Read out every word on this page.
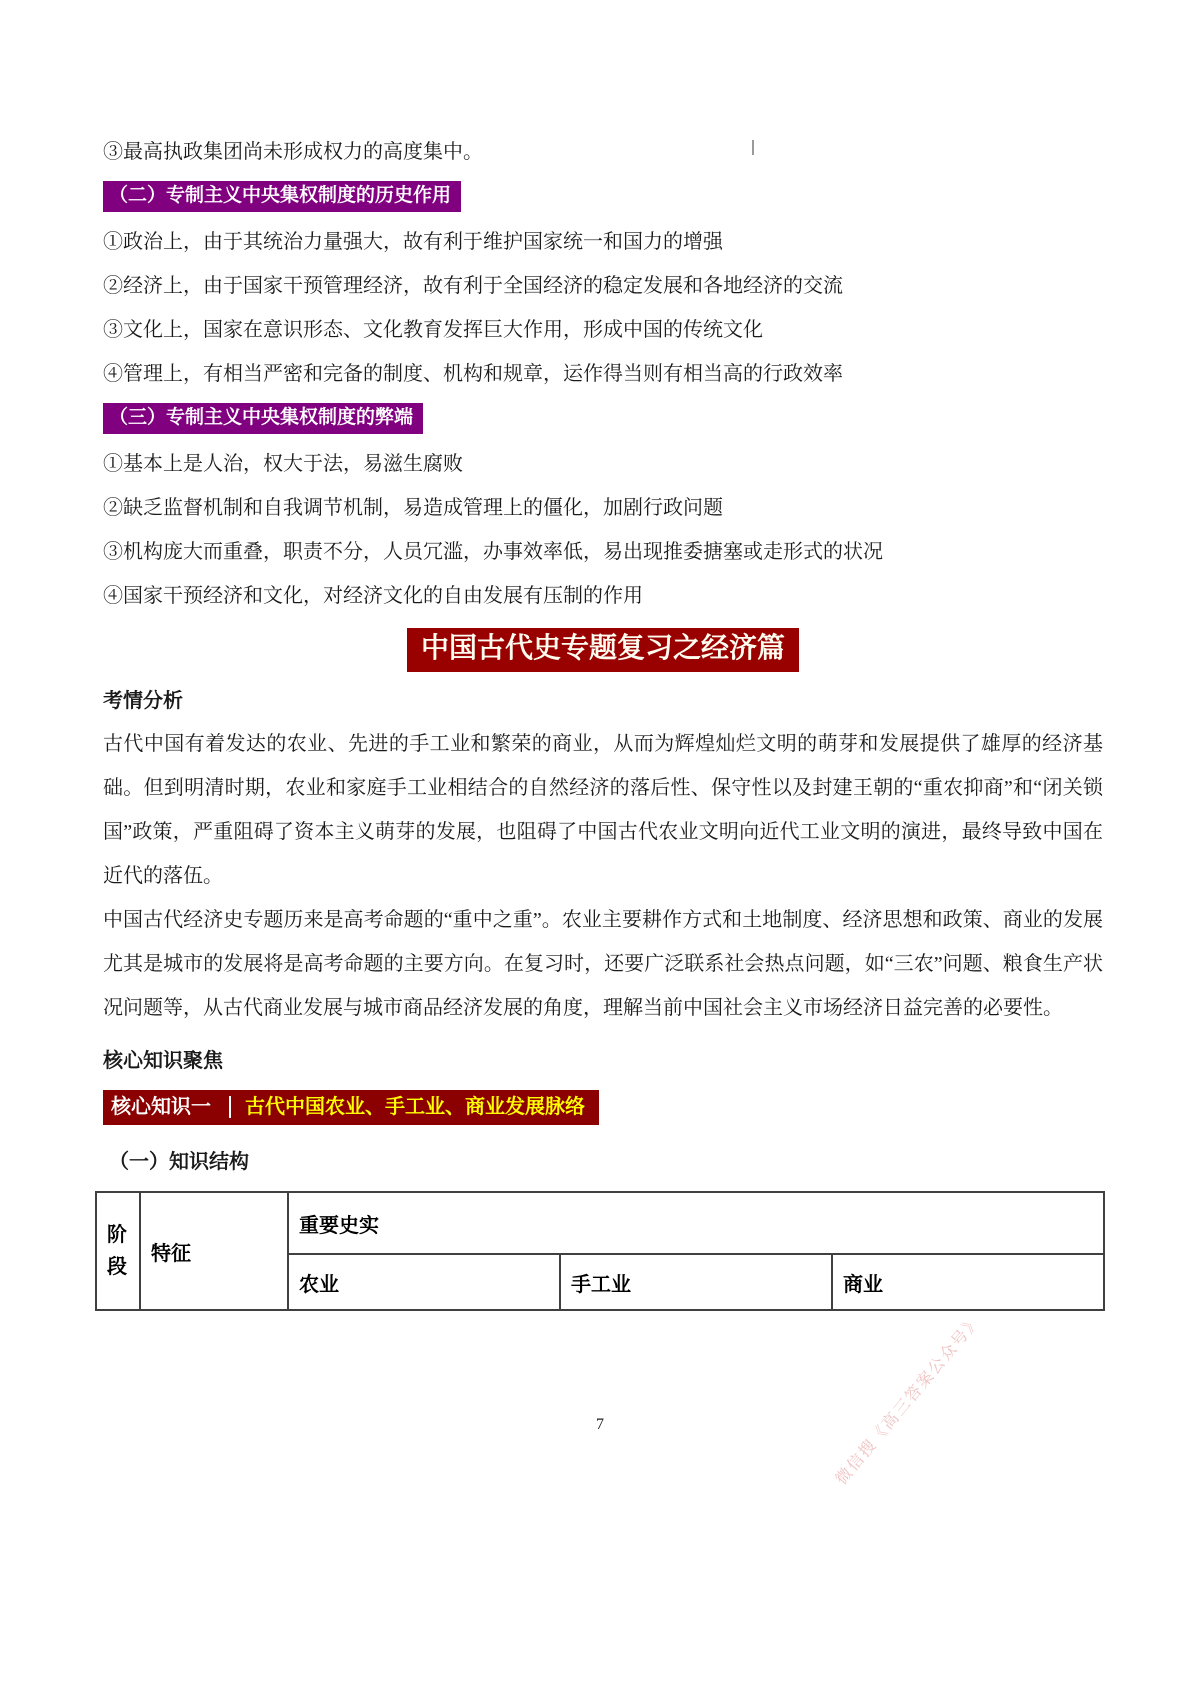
③最高执政集团尚未形成权力的高度集中。

（二）专制主义中央集权制度的历史作用

①政治上，由于其统治力量强大，故有利于维护国家统一和国力的增强

②经济上，由于国家干预管理经济，故有利于全国经济的稳定发展和各地经济的交流

③文化上，国家在意识形态、文化教育发挥巨大作用，形成中国的传统文化

④管理上，有相当严密和完备的制度、机构和规章，运作得当则有相当高的行政效率

（三）专制主义中央集权制度的弊端

①基本上是人治，权大于法，易滋生腐败

②缺乏监督机制和自我调节机制，易造成管理上的僵化，加剧行政问题

③机构庞大而重叠，职责不分，人员冗滥，办事效率低，易出现推委搪塞或走形式的状况

④国家干预经济和文化，对经济文化的自由发展有压制的作用

中国古代史专题复习之经济篇
考情分析

古代中国有着发达的农业、先进的手工业和繁荣的商业，从而为辉煌灿烂文明的萌芽和发展提供了雄厚的经济基础。但到明清时期，农业和家庭手工业相结合的自然经济的落后性、保守性以及封建王朝的“重农抑商”和“闭关锁国”政策，严重阻碍了资本主义萌芽的发展，也阻碍了中国古代农业文明向近代工业文明的演进，最终导致中国在近代的落伍。

中国古代经济史专题历来是高考命题的“重中之重”。农业主要耕作方式和土地制度、经济思想和政策、商业的发展尤其是城市的发展将是高考命题的主要方向。在复习时，还要广泛联系社会热点问题，如“三农”问题、粮食生产状况问题等，从古代商业发展与城市商品经济发展的角度，理解当前中国社会主义市场经济日益完善的必要性。

核心知识聚焦
核心知识一 古代中国农业、手工业、商业发展脉络
（一）知识结构
阶段	特征	重要史实		
		农业	手工业	商业
微信搜《高三答案公众号》
7
